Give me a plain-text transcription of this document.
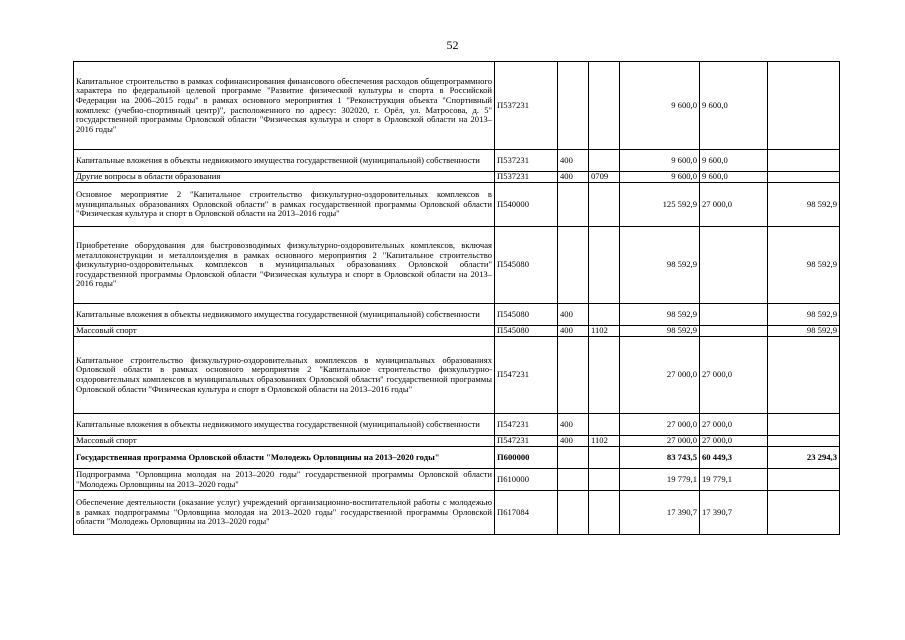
52
Капитальное строительство в рамках софинансирования финансового обеспечения расходов общепрограммного характера по федеральной целевой программе "Развитие физической культуры и спорта в Российской Федерации на 2006–2015 годы" в рамках основного мероприятия 1 "Реконструкция объекта "Спортивный комплекс (учебно-спортивный центр)", расположенного по адресу: 302020, г. Орёл, ул. Матросова, д. 5" государственной программы Орловской области "Физическая культура и спорт в Орловской области на 2013–2016 годы"	П537231			9 600,0	9 600,0	
Капитальные вложения в объекты недвижимого имущества государственной (муниципальной) собственности	П537231	400		9 600,0	9 600,0	
Другие вопросы в области образования	П537231	400	0709	9 600,0	9 600,0	
Основное мероприятие 2 "Капитальное строительство физкультурно-оздоровительных комплексов в муниципальных образованиях Орловской области" в рамках государственной программы Орловской области "Физическая культура и спорт в Орловской области на 2013–2016 годы"	П540000			125 592,9	27 000,0	98 592,9
Приобретение оборудования для быстровозводимых физкультурно-оздоровительных комплексов, включая металлоконструкции и металлоизделия в рамках основного мероприятия 2 "Капитальное строительство физкультурно-оздоровительных комплексов в муниципальных образованиях Орловской области" государственной программы Орловской области "Физическая культура и спорт в Орловской области на 2013–2016 годы"	П545080			98 592,9		98 592,9
Капитальные вложения в объекты недвижимого имущества государственной (муниципальной) собственности	П545080	400		98 592,9		98 592,9
Массовый спорт	П545080	400	1102	98 592,9		98 592,9
Капитальное строительство физкультурно-оздоровительных комплексов в муниципальных образованиях Орловской области в рамках основного мероприятия 2 "Капитальное строительство физкультурно-оздоровительных комплексов в муниципальных образованиях Орловской области" государственной программы Орловской области "Физическая культура и спорт в Орловской области на 2013–2016 годы"	П547231			27 000,0	27 000,0	
Капитальные вложения в объекты недвижимого имущества государственной (муниципальной) собственности	П547231	400		27 000,0	27 000,0	
Массовый спорт	П547231	400	1102	27 000,0	27 000,0	
Государственная программа Орловской области "Молодежь Орловщины на 2013–2020 годы"	П600000			83 743,5	60 449,3	23 294,3
Подпрограмма "Орловщина молодая на 2013–2020 годы" государственной программы Орловской области "Молодежь Орловщины на 2013–2020 годы"	П610000			19 779,1	19 779,1	
Обеспечение деятельности (оказание услуг) учреждений организационно-воспитательной работы с молодежью в рамках подпрограммы "Орловщина молодая на 2013–2020 годы" государственной программы Орловской области "Молодежь Орловщины на 2013–2020 годы"	П617084			17 390,7	17 390,7	
